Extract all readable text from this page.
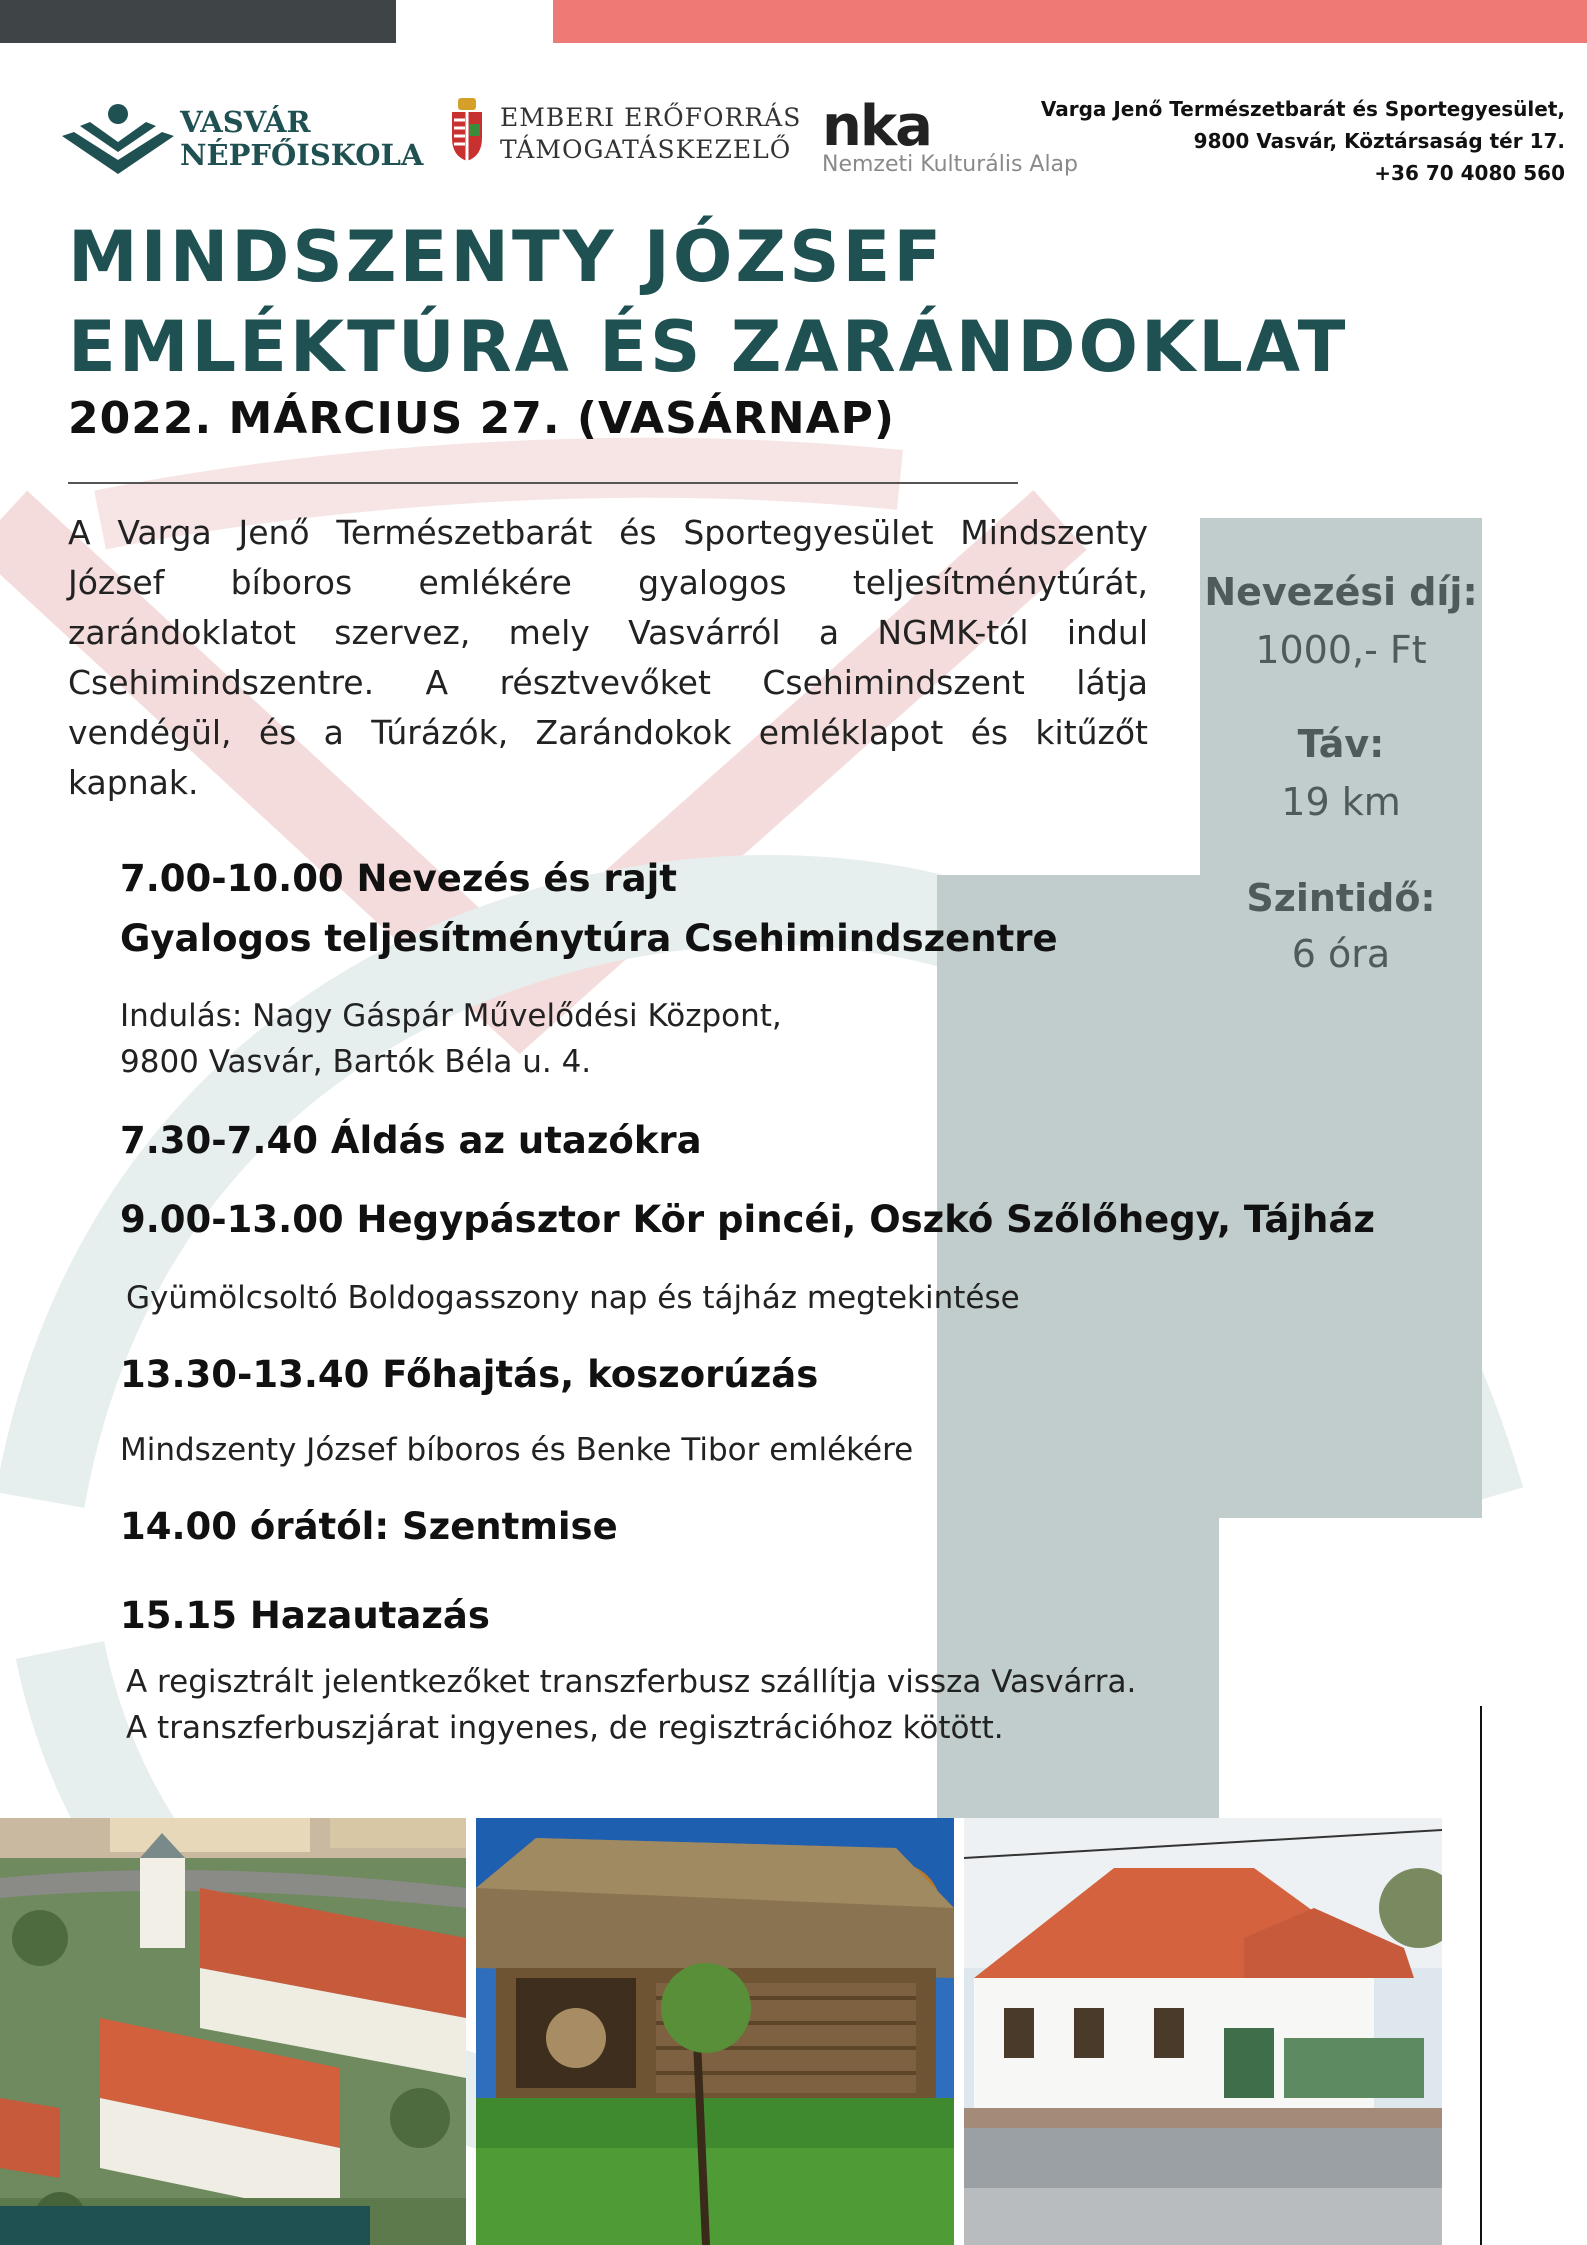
VASVÁR
NÉPFŐISKOLA
EMBERI ERŐFORRÁS
TÁMOGATÁSKEZELŐ nka
Nemzeti Kulturális Alap
Varga Jenő Természetbarát és Sportegyesület,
9800 Vasvár, Köztársaság tér 17.
+36 70 4080 560
MINDSZENTY JÓZSEF
EMLÉKTÚRA ÉS ZARÁNDOKLAT
2022. MÁRCIUS 27. (VASÁRNAP)
A Varga Jenő Természetbarát és Sportegyesület Mindszenty József bíboros emlékére gyalogos teljesítménytúrát, zarándoklatot szervez, mely Vasvárról a NGMK-tól indul Csehimindszentre. A résztvevőket Csehimindszent látja vendégül, és a Túrázók, Zarándokok emléklapot és kitűzőt kapnak.
Nevezési díj:
1000,- Ft
Táv:
19 km
Szintidő:
6 óra
7.00-10.00 Nevezés és rajt
Gyalogos teljesítménytúra Csehimindszentre
Indulás: Nagy Gáspár Művelődési Központ,
9800 Vasvár, Bartók Béla u. 4.
7.30-7.40 Áldás az utazókra
9.00-13.00 Hegypásztor Kör pincéi, Oszkó Szőlőhegy, Tájház
Gyümölcsoltó Boldogasszony nap és tájház megtekintése
13.30-13.40 Főhajtás, koszorúzás
Mindszenty József bíboros és Benke Tibor emlékére
14.00 órától: Szentmise
15.15 Hazautazás
A regisztrált jelentkezőket transzferbusz szállítja vissza Vasvárra.
A transzferbuszjárat ingyenes, de regisztrációhoz kötött.
